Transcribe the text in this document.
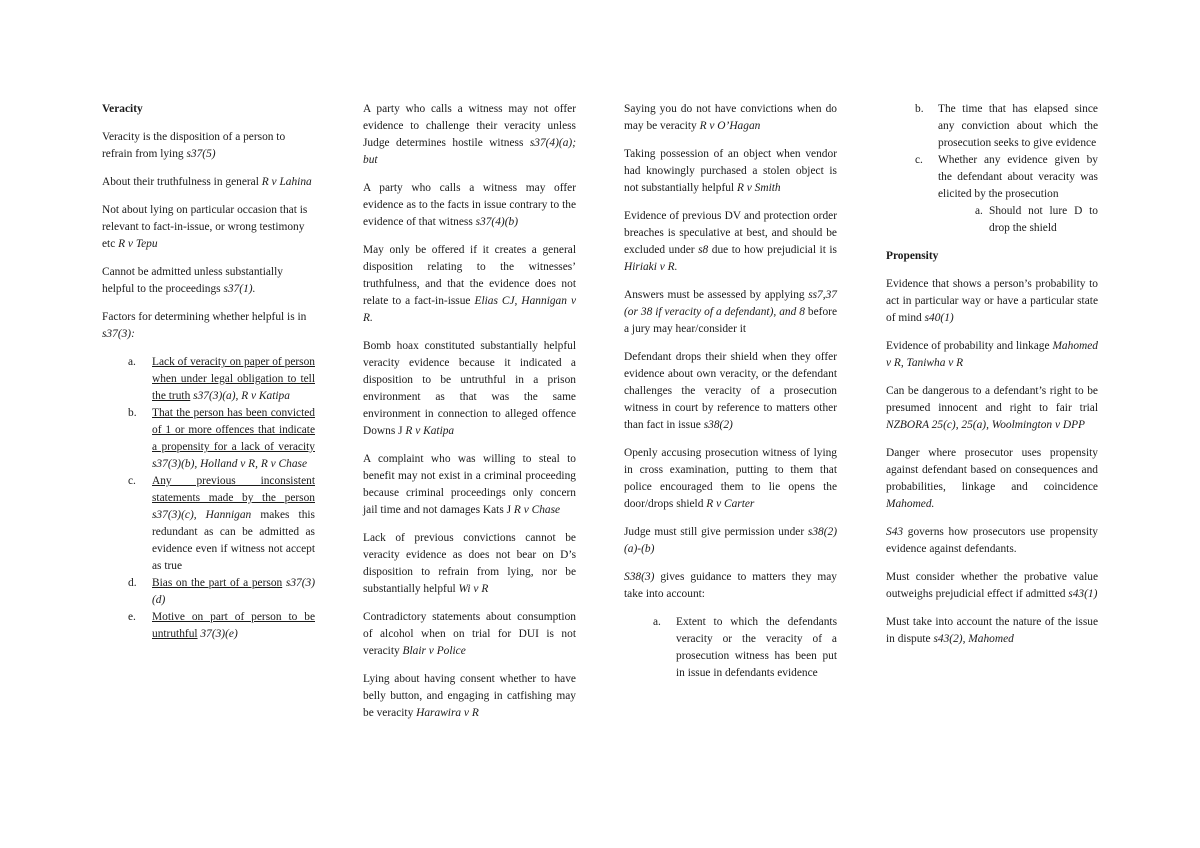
Veracity

Veracity is the disposition of a person to refrain from lying s37(5)

About their truthfulness in general R v Lahina

Not about lying on particular occasion that is relevant to fact-in-issue, or wrong testimony etc R v Tepu

Cannot be admitted unless substantially helpful to the proceedings s37(1).

Factors for determining whether helpful is in s37(3):

a. Lack of veracity on paper of person when under legal obligation to tell the truth s37(3)(a), R v Katipa
b. That the person has been convicted of 1 or more offences that indicate a propensity for a lack of veracity s37(3)(b), Holland v R, R v Chase
c. Any previous inconsistent statements made by the person s37(3)(c), Hannigan makes this redundant as can be admitted as evidence even if witness not accept as true
d. Bias on the part of a person s37(3)(d)
e. Motive on part of person to be untruthful 37(3)(e)

A party who calls a witness may not offer evidence to challenge their veracity unless Judge determines hostile witness s37(4)(a); but

A party who calls a witness may offer evidence as to the facts in issue contrary to the evidence of that witness s37(4)(b)

May only be offered if it creates a general disposition relating to the witnesses’ truthfulness, and that the evidence does not relate to a fact-in-issue Elias CJ, Hannigan v R.

Bomb hoax constituted substantially helpful veracity evidence because it indicated a disposition to be untruthful in a prison environment as that was the same environment in connection to alleged offence Downs J R v Katipa

A complaint who was willing to steal to benefit may not exist in a criminal proceeding because criminal proceedings only concern jail time and not damages Kats J R v Chase

Lack of previous convictions cannot be veracity evidence as does not bear on D’s disposition to refrain from lying, nor be substantially helpful Wi v R

Contradictory statements about consumption of alcohol when on trial for DUI is not veracity Blair v Police

Lying about having consent whether to have belly button, and engaging in catfishing may be veracity Harawira v R

Saying you do not have convictions when do may be veracity R v O’Hagan

Taking possession of an object when vendor had knowingly purchased a stolen object is not substantially helpful R v Smith

Evidence of previous DV and protection order breaches is speculative at best, and should be excluded under s8 due to how prejudicial it is Hiriaki v R.

Answers must be assessed by applying ss7,37 (or 38 if veracity of a defendant), and 8 before a jury may hear/consider it

Defendant drops their shield when they offer evidence about own veracity, or the defendant challenges the veracity of a prosecution witness in court by reference to matters other than fact in issue s38(2)

Openly accusing prosecution witness of lying in cross examination, putting to them that police encouraged them to lie opens the door/drops shield R v Carter

Judge must still give permission under s38(2)(a)-(b)

S38(3) gives guidance to matters they may take into account:

a. Extent to which the defendants veracity or the veracity of a prosecution witness has been put in issue in defendants evidence
b. The time that has elapsed since any conviction about which the prosecution seeks to give evidence
c. Whether any evidence given by the defendant about veracity was elicited by the prosecution
a. Should not lure D to drop the shield
Propensity

Evidence that shows a person’s probability to act in particular way or have a particular state of mind s40(1)

Evidence of probability and linkage Mahomed v R, Taniwha v R

Can be dangerous to a defendant’s right to be presumed innocent and right to fair trial NZBORA 25(c), 25(a), Woolmington v DPP

Danger where prosecutor uses propensity against defendant based on consequences and probabilities, linkage and coincidence Mahomed.

S43 governs how prosecutors use propensity evidence against defendants.

Must consider whether the probative value outweighs prejudicial effect if admitted s43(1)

Must take into account the nature of the issue in dispute s43(2), Mahomed
